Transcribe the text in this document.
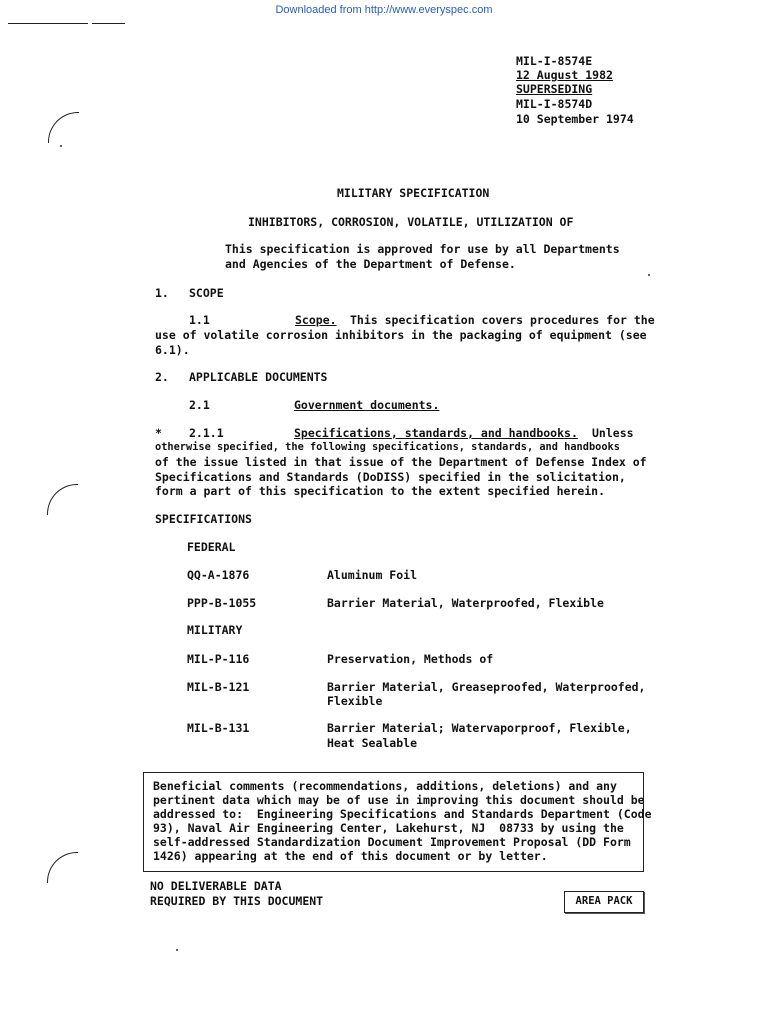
Downloaded from http://www.everyspec.com
MIL-I-8574E
12 August 1982
SUPERSEDING
MIL-I-8574D
10 September 1974
MILITARY SPECIFICATION
INHIBITORS, CORROSION, VOLATILE, UTILIZATION OF
This specification is approved for use by all Departments
and Agencies of the Department of Defense.
1. SCOPE
1.1	Scope. This specification covers procedures for the
use of volatile corrosion inhibitors in the packaging of equipment (see
6.1).
2. APPLICABLE DOCUMENTS
2.1	Government documents.
* 2.1.1	Specifications, standards, and handbooks. Unless
otherwise specified, the following specifications, standards, and handbooks
of the issue listed in that issue of the Department of Defense Index of
Specifications and Standards (DoDISS) specified in the solicitation,
form a part of this specification to the extent specified herein.
SPECIFICATIONS
FEDERAL
QQ-A-1876	Aluminum Foil
PPP-B-1055	Barrier Material, Waterproofed, Flexible
MILITARY
MIL-P-116	Preservation, Methods of
MIL-B-121	Barrier Material, Greaseproofed, Waterproofed,
Flexible
MIL-B-131	Barrier Material; Watervaporproof, Flexible,
Heat Sealable
Beneficial comments (recommendations, additions, deletions) and any
pertinent data which may be of use in improving this document should be
addressed to:  Engineering Specifications and Standards Department (Code
93), Naval Air Engineering Center, Lakehurst, NJ  08733 by using the
self-addressed Standardization Document Improvement Proposal (DD Form
1426) appearing at the end of this document or by letter.
NO DELIVERABLE DATA
REQUIRED BY THIS DOCUMENT	AREA PACK
